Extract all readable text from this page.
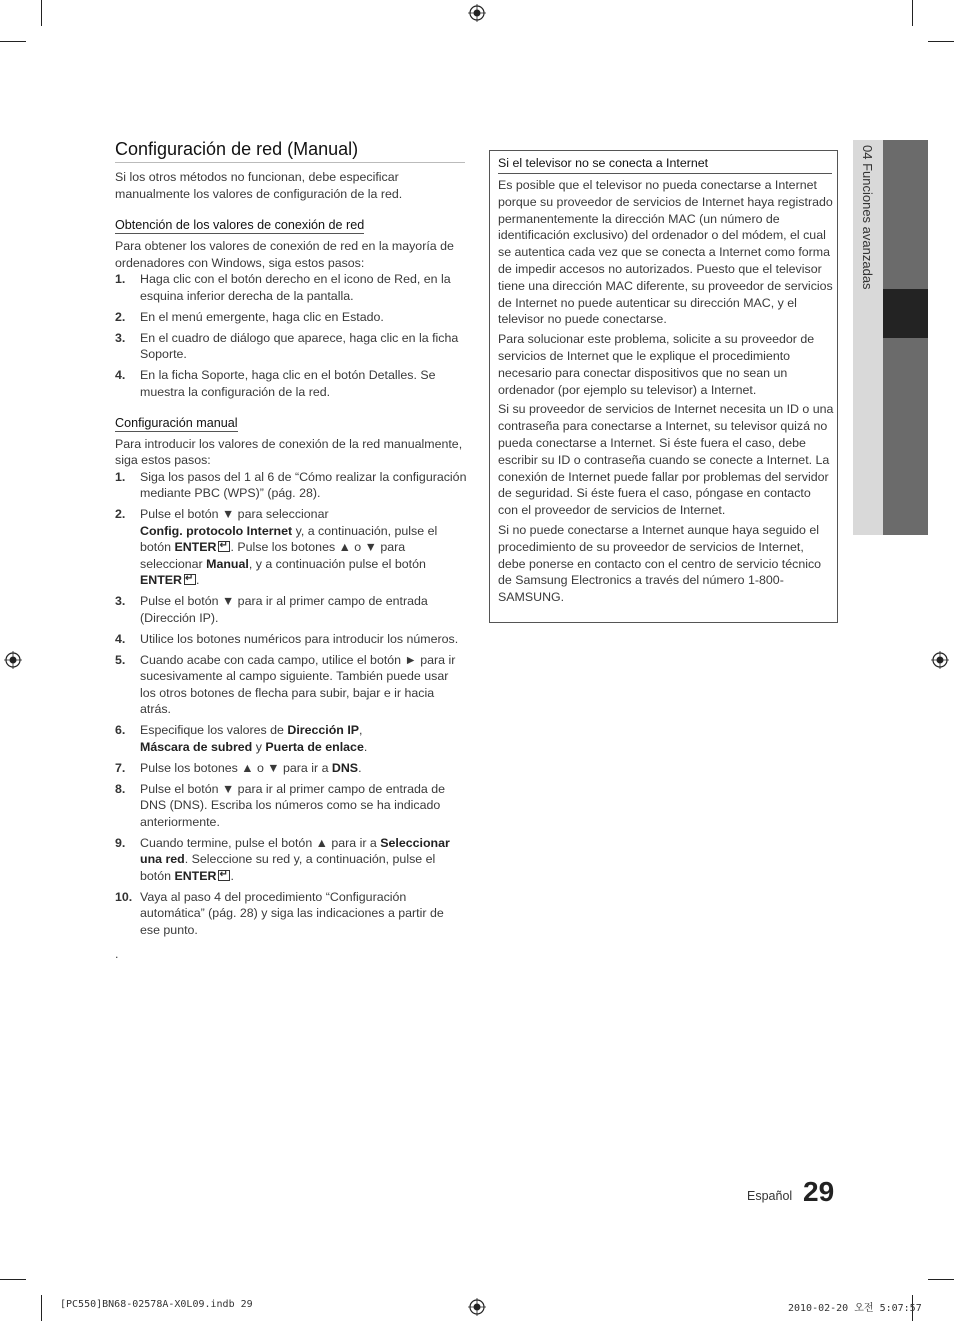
04 Funciones avanzadas
Configuración de red (Manual)
Si los otros métodos no funcionan, debe especificar manualmente los valores de configuración de la red.
Obtención de los valores de conexión de red
Para obtener los valores de conexión de red en la mayoría de ordenadores con Windows, siga estos pasos:
1. Haga clic con el botón derecho en el icono de Red, en la esquina inferior derecha de la pantalla.
2. En el menú emergente, haga clic en Estado.
3. En el cuadro de diálogo que aparece, haga clic en la ficha Soporte.
4. En la ficha Soporte, haga clic en el botón Detalles. Se muestra la configuración de la red.
Configuración manual
Para introducir los valores de conexión de la red manualmente, siga estos pasos:
1. Siga los pasos del 1 al 6 de “Cómo realizar la configuración mediante PBC (WPS)” (pág. 28).
2. Pulse el botón ▼ para seleccionar
Config. protocolo Internet y, a continuación, pulse el botón ENTER ↵ . Pulse los botones ▲ o ▼ para seleccionar Manual, y a continuación pulse el botón
ENTER ↵ .
3. Pulse el botón ▼ para ir al primer campo de entrada (Dirección IP).
4. Utilice los botones numéricos para introducir los números.
5. Cuando acabe con cada campo, utilice el botón ► para ir sucesivamente al campo siguiente. También puede usar los otros botones de flecha para subir, bajar e ir hacia atrás.
6. Especifique los valores de Dirección IP,
Máscara de subred y Puerta de enlace.
7. Pulse los botones ▲ o ▼ para ir a DNS.
8. Pulse el botón ▼ para ir al primer campo de entrada de DNS (DNS). Escriba los números como se ha indicado anteriormente.
9. Cuando termine, pulse el botón ▲ para ir a Seleccionar una red. Seleccione su red y, a continuación, pulse el botón ENTER ↵ .
10. Vaya al paso 4 del procedimiento “Configuración automática” (pág. 28) y siga las indicaciones a partir de ese punto.
.
Si el televisor no se conecta a Internet

Es posible que el televisor no pueda conectarse a Internet porque su proveedor de servicios de Internet haya registrado permanentemente la dirección MAC (un número de identificación exclusivo) del ordenador o del módem, el cual se autentica cada vez que se conecta a Internet como forma de impedir accesos no autorizados. Puesto que el televisor tiene una dirección MAC diferente, su proveedor de servicios de Internet no puede autenticar su dirección MAC, y el televisor no puede conectarse.

Para solucionar este problema, solicite a su proveedor de servicios de Internet que le explique el procedimiento necesario para conectar dispositivos que no sean un ordenador (por ejemplo su televisor) a Internet.

Si su proveedor de servicios de Internet necesita un ID o una contraseña para conectarse a Internet, su televisor quizá no pueda conectarse a Internet. Si éste fuera el caso, debe escribir su ID o contraseña cuando se conecte a Internet. La conexión de Internet puede fallar por problemas del servidor de seguridad. Si éste fuera el caso, póngase en contacto con el proveedor de servicios de Internet.

Si no puede conectarse a Internet aunque haya seguido el procedimiento de su proveedor de servicios de Internet, debe ponerse en contacto con el centro de servicio técnico de Samsung Electronics a través del número 1-800-SAMSUNG.

Español 29
[PC550]BN68-02578A-X0L09.indb 29	2010-02-20 오전 5:07:57
